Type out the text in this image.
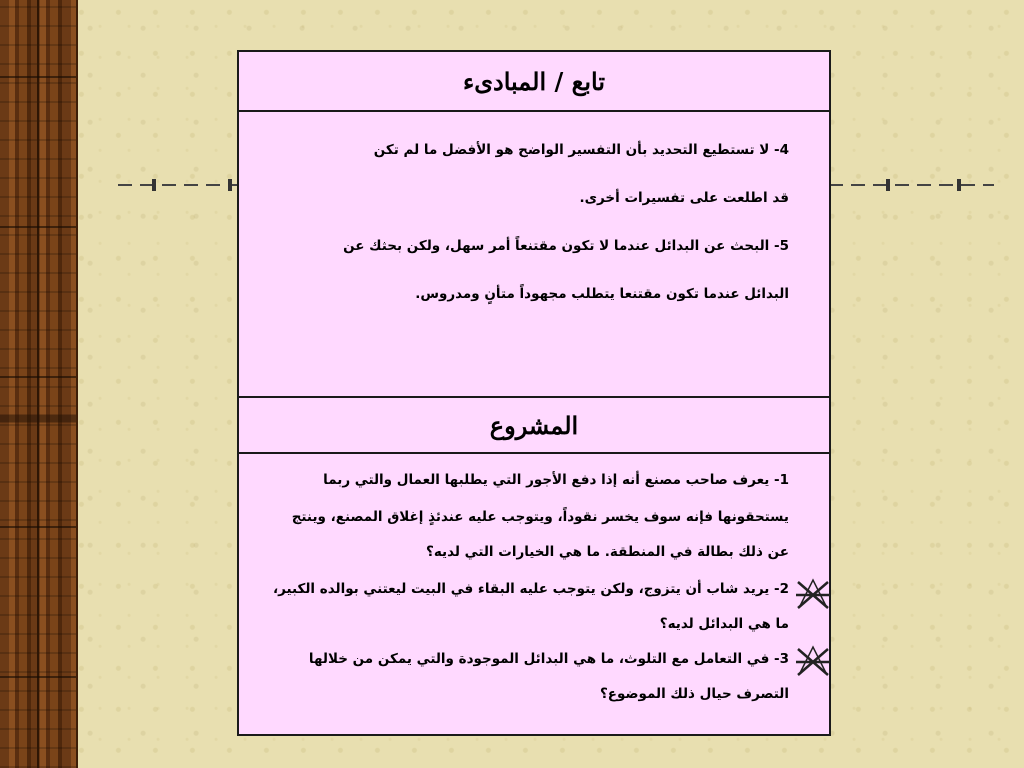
تابع / المبادىء
4- لا تستطيع التحديد بأن التفسير الواضح هو الأفضل ما لم تكن
قد اطلعت على تفسيرات أخرى.
5- البحث عن البدائل عندما لا تكون مقتنعاً أمر سهل، ولكن بحثك عن
البدائل عندما تكون مقتنعا يتطلب مجهوداً متأنٍ ومدروس.
المشروع
1- يعرف صاحب مصنع أنه إذا دفع الأجور التي يطلبها العمال والتي ربما
يستحقونها فإنه سوف يخسر نقوداً، ويتوجب عليه عندئذٍ إغلاق المصنع، وينتج
عن ذلك بطالة في المنطقة. ما هي الخيارات التي لديه؟
2- يريد شاب أن يتزوج، ولكن يتوجب عليه البقاء في البيت ليعتني بوالده الكبير،
ما هي البدائل لديه؟
3- في التعامل مع التلوث، ما هي البدائل الموجودة والتي يمكن من خلالها
التصرف حيال ذلك الموضوع؟
